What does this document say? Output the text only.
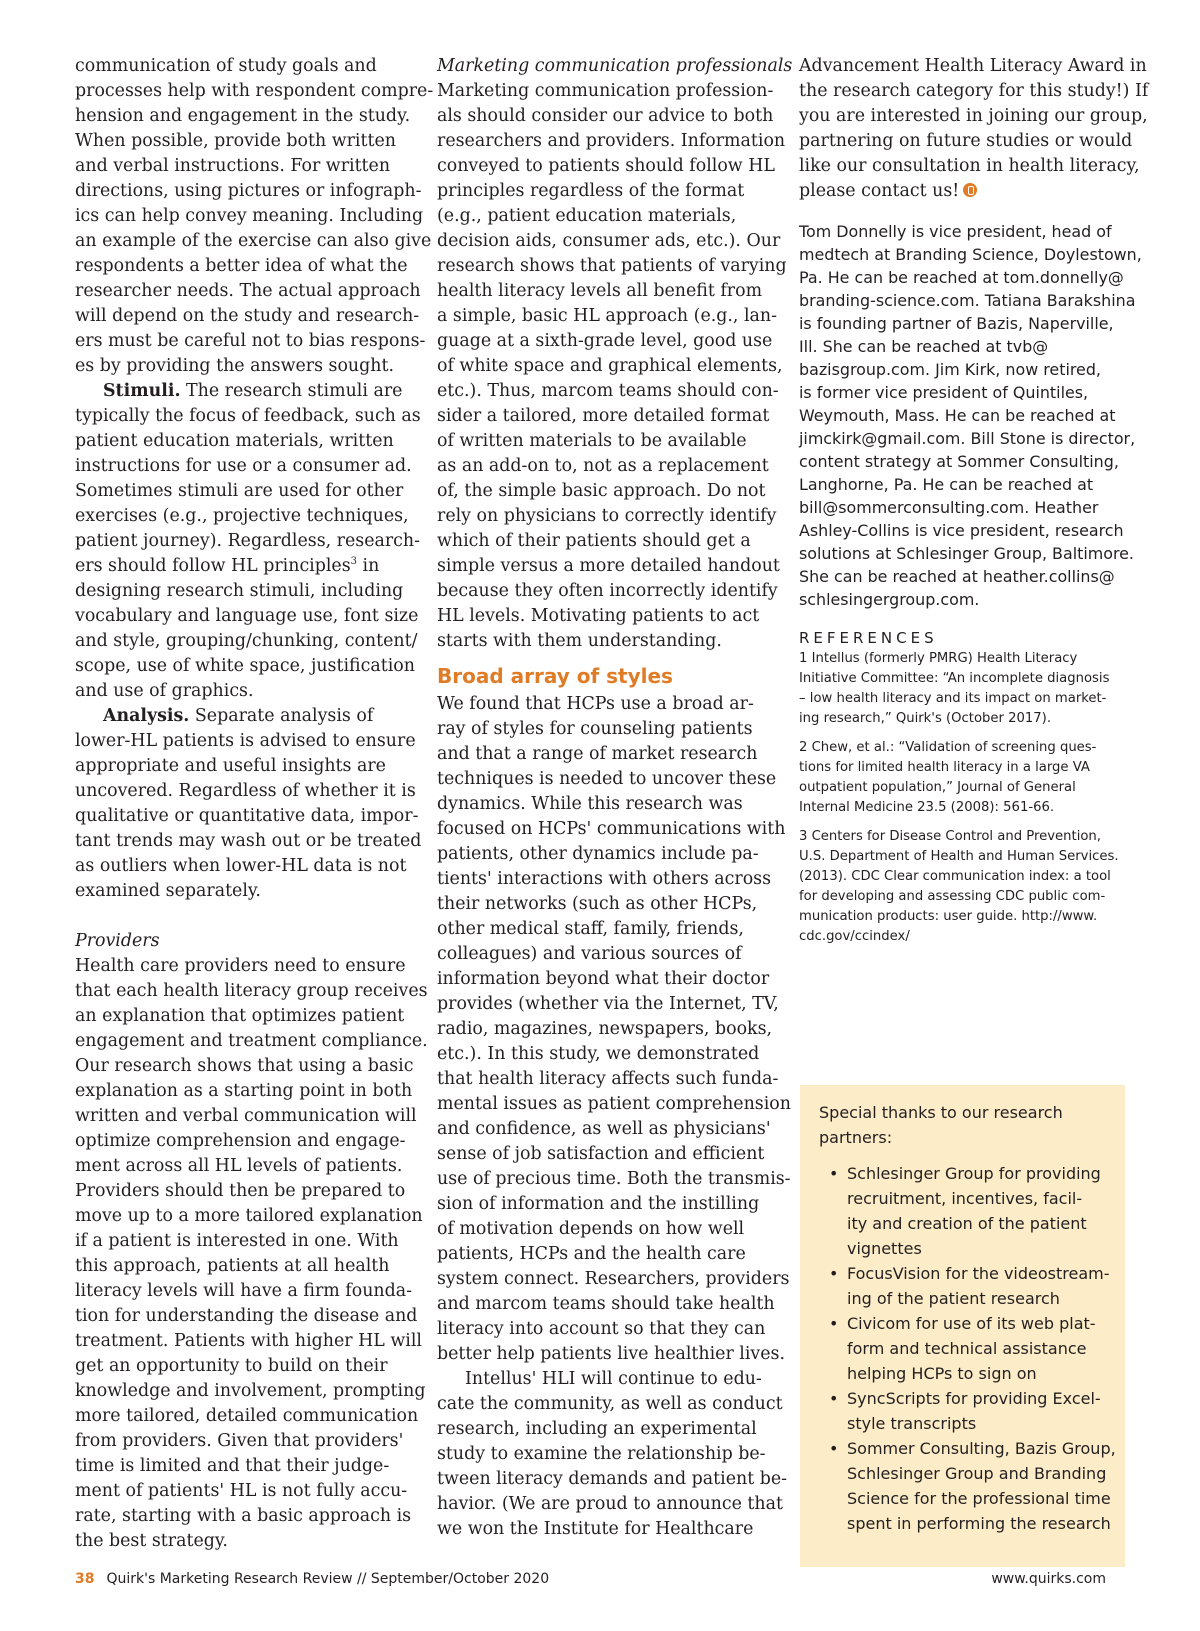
communication of study goals and
processes help with respondent compre-
hension and engagement in the study.
When possible, provide both written
and verbal instructions. For written
directions, using pictures or infograph-
ics can help convey meaning. Including
an example of the exercise can also give
respondents a better idea of what the
researcher needs. The actual approach
will depend on the study and research-
ers must be careful not to bias respons-
es by providing the answers sought.
Stimuli. The research stimuli are
typically the focus of feedback, such as
patient education materials, written
instructions for use or a consumer ad.
Sometimes stimuli are used for other
exercises (e.g., projective techniques,
patient journey). Regardless, research-
ers should follow HL principles$^3$ in
designing research stimuli, including
vocabulary and language use, font size
and style, grouping/chunking, content/
scope, use of white space, justification
and use of graphics.
Analysis. Separate analysis of
lower-HL patients is advised to ensure
appropriate and useful insights are
uncovered. Regardless of whether it is
qualitative or quantitative data, impor-
tant trends may wash out or be treated
as outliers when lower-HL data is not
examined separately.
Providers
Health care providers need to ensure
that each health literacy group receives
an explanation that optimizes patient
engagement and treatment compliance.
Our research shows that using a basic
explanation as a starting point in both
written and verbal communication will
optimize comprehension and engage-
ment across all HL levels of patients.
Providers should then be prepared to
move up to a more tailored explanation
if a patient is interested in one. With
this approach, patients at all health
literacy levels will have a firm founda-
tion for understanding the disease and
treatment. Patients with higher HL will
get an opportunity to build on their
knowledge and involvement, prompting
more tailored, detailed communication
from providers. Given that providers'
time is limited and that their judge-
ment of patients' HL is not fully accu-
rate, starting with a basic approach is
the best strategy.
Marketing communication professionals
Marketing communication profession-
als should consider our advice to both
researchers and providers. Information
conveyed to patients should follow HL
principles regardless of the format
(e.g., patient education materials,
decision aids, consumer ads, etc.). Our
research shows that patients of varying
health literacy levels all benefit from
a simple, basic HL approach (e.g., lan-
guage at a sixth-grade level, good use
of white space and graphical elements,
etc.). Thus, marcom teams should con-
sider a tailored, more detailed format
of written materials to be available
as an add-on to, not as a replacement
of, the simple basic approach. Do not
rely on physicians to correctly identify
which of their patients should get a
simple versus a more detailed handout
because they often incorrectly identify
HL levels. Motivating patients to act
starts with them understanding.
Broad array of styles
We found that HCPs use a broad ar-
ray of styles for counseling patients
and that a range of market research
techniques is needed to uncover these
dynamics. While this research was
focused on HCPs' communications with
patients, other dynamics include pa-
tients' interactions with others across
their networks (such as other HCPs,
other medical staff, family, friends,
colleagues) and various sources of
information beyond what their doctor
provides (whether via the Internet, TV,
radio, magazines, newspapers, books,
etc.). In this study, we demonstrated
that health literacy affects such funda-
mental issues as patient comprehension
and confidence, as well as physicians'
sense of job satisfaction and efficient
use of precious time. Both the transmis-
sion of information and the instilling
of motivation depends on how well
patients, HCPs and the health care
system connect. Researchers, providers
and marcom teams should take health
literacy into account so that they can
better help patients live healthier lives.
Intellus' HLI will continue to edu-
cate the community, as well as conduct
research, including an experimental
study to examine the relationship be-
tween literacy demands and patient be-
havior. (We are proud to announce that
we won the Institute for Healthcare
Advancement Health Literacy Award in
the research category for this study!) If
you are interested in joining our group,
partnering on future studies or would
like our consultation in health literacy,
please contact us!
Tom Donnelly is vice president, head of
medtech at Branding Science, Doylestown,
Pa. He can be reached at tom.donnelly@
branding-science.com. Tatiana Barakshina
is founding partner of Bazis, Naperville,
Ill. She can be reached at tvb@
bazisgroup.com. Jim Kirk, now retired,
is former vice president of Quintiles,
Weymouth, Mass. He can be reached at
jimckirk@gmail.com. Bill Stone is director,
content strategy at Sommer Consulting,
Langhorne, Pa. He can be reached at
bill@sommerconsulting.com. Heather
Ashley-Collins is vice president, research
solutions at Schlesinger Group, Baltimore.
She can be reached at heather.collins@
schlesingergroup.com.
REFERENCES
1 Intellus (formerly PMRG) Health Literacy
Initiative Committee: “An incomplete diagnosis
– low health literacy and its impact on market-
ing research,” Quirk's (October 2017).
2 Chew, et al.: “Validation of screening ques-
tions for limited health literacy in a large VA
outpatient population,” Journal of General
Internal Medicine 23.5 (2008): 561-66.
3 Centers for Disease Control and Prevention,
U.S. Department of Health and Human Services.
(2013). CDC Clear communication index: a tool
for developing and assessing CDC public com-
munication products: user guide. http://www.
cdc.gov/ccindex/
Special thanks to our research
partners:
• Schlesinger Group for providing
recruitment, incentives, facil-
ity and creation of the patient
vignettes
• FocusVision for the videostream-
ing of the patient research
• Civicom for use of its web plat-
form and technical assistance
helping HCPs to sign on
• SyncScripts for providing Excel-
style transcripts
• Sommer Consulting, Bazis Group,
Schlesinger Group and Branding
Science for the professional time
spent in performing the research
38 Quirk's Marketing Research Review // September/October 2020	www.quirks.com
